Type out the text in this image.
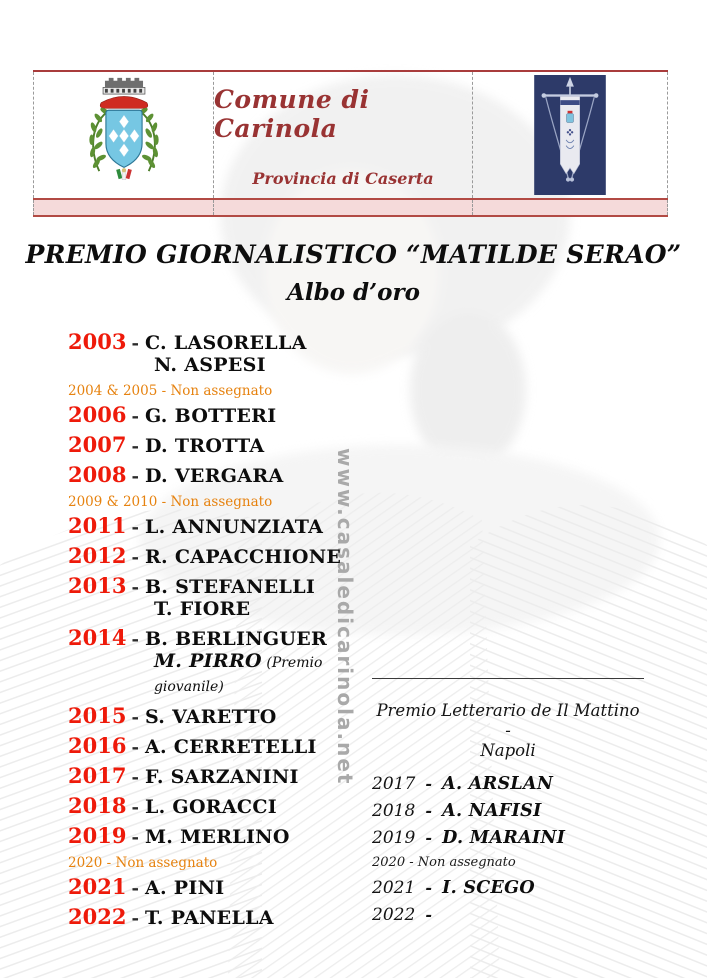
Comune di Carinola
Provincia di Caserta
PREMIO GIORNALISTICO “MATILDE SERAO”
Albo d’oro
2003 - C. LASORELLA
N. ASPESI
2004 & 2005 - Non assegnato
2006 - G. BOTTERI
2007 - D. TROTTA
2008 - D. VERGARA
2009 & 2010 - Non assegnato
2011 - L. ANNUNZIATA
2012 - R. CAPACCHIONE
2013 - B. STEFANELLI
T. FIORE
2014 - B. BERLINGUER
M. PIRRO (Premio giovanile)
2015 - S. VARETTO
2016 - A. CERRETELLI
2017 - F. SARZANINI
2018 - L. GORACCI
2019 - M. MERLINO
2020 - Non assegnato
2021 - A. PINI
2022 - T. PANELLA
www.casaledicarinola.net Premio Letterario de Il Mattino -
Napoli
2017 - A. ARSLAN
2018 - A. NAFISI
2019 - D. MARAINI
2020 - Non assegnato
2021 - I. SCEGO
2022 -
